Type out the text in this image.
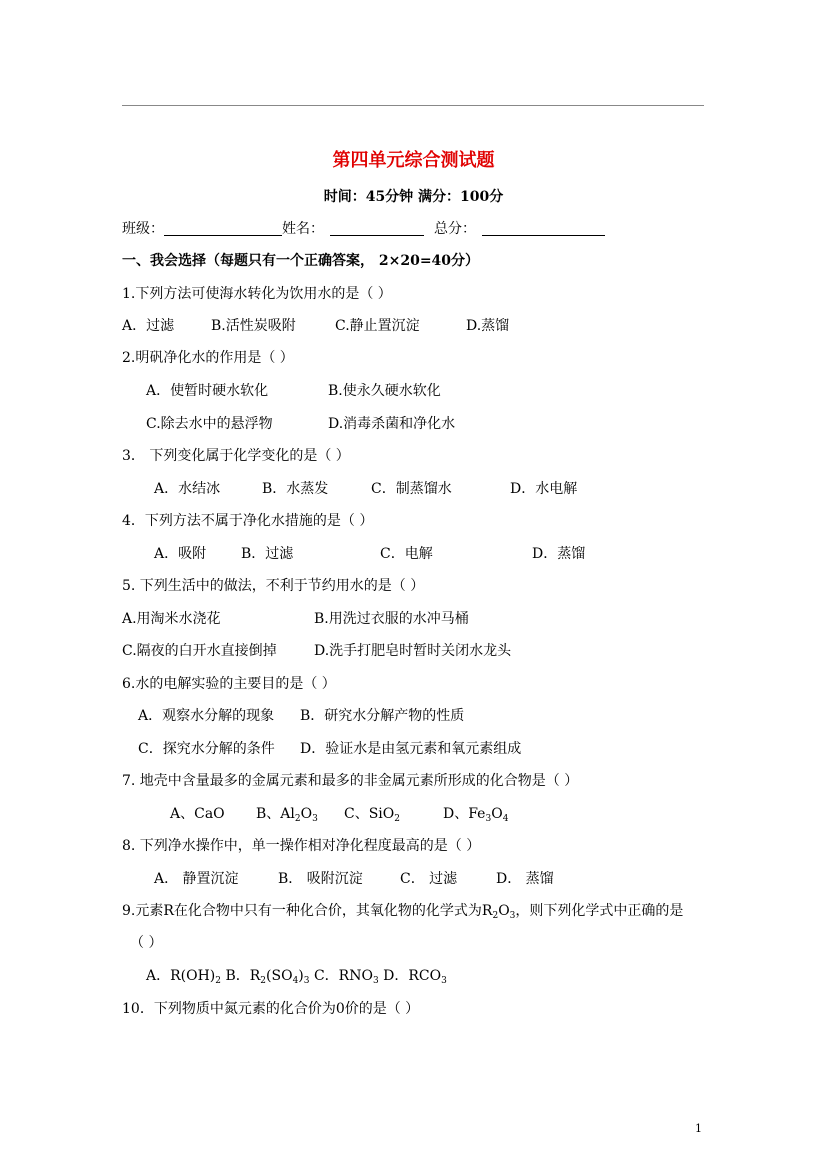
第四单元综合测试题
时间：45分钟 满分：100分
班级：	姓名：	总分：
一、我会选择（每题只有一个正确答案， 2×20=40分）
1.下列方法可使海水转化为饮用水的是（ ）
A．过滤	B.活性炭吸附	C.静止置沉淀	D.蒸馏
2.明矾净化水的作用是（ ）
A．使暂时硬水软化	B.使永久硬水软化
C.除去水中的悬浮物	D.消毒杀菌和净化水
3． 下列变化属于化学变化的是（ ）
A．水结冰	B．水蒸发	C．制蒸馏水	D．水电解
4．下列方法不属于净化水措施的是（ ）
A．吸附 B．过滤	C．电解	D．蒸馏
5. 下列生活中的做法，不利于节约用水的是（ ）
A.用淘米水浇花	B.用洗过衣服的水冲马桶
C.隔夜的白开水直接倒掉	D.洗手打肥皂时暂时关闭水龙头
6.水的电解实验的主要目的是（ ）
A．观察水分解的现象 B．研究水分解产物的性质
C．探究水分解的条件 D．验证水是由氢元素和氧元素组成
7. 地壳中含量最多的金属元素和最多的非金属元素所形成的化合物是（ ）
A、CaO B、$Al_2O_3$ C、SiO$_2$	D、$Fe_3O_4$
8. 下列净水操作中，单一操作相对净化程度最高的是（ ）
A． 静置沉淀	B． 吸附沉淀	C． 过滤	D． 蒸馏
9.元素R在化合物中只有一种化合价，其氧化物的化学式为$R_2O_3$，则下列化学式中正确的是
（ ）
A．$R(OH)_2$ B．$R_2(SO_4)_3$ C．$RNO_3$ D．$RCO_3$
10．下列物质中氮元素的化合价为0价的是（ ）
1
